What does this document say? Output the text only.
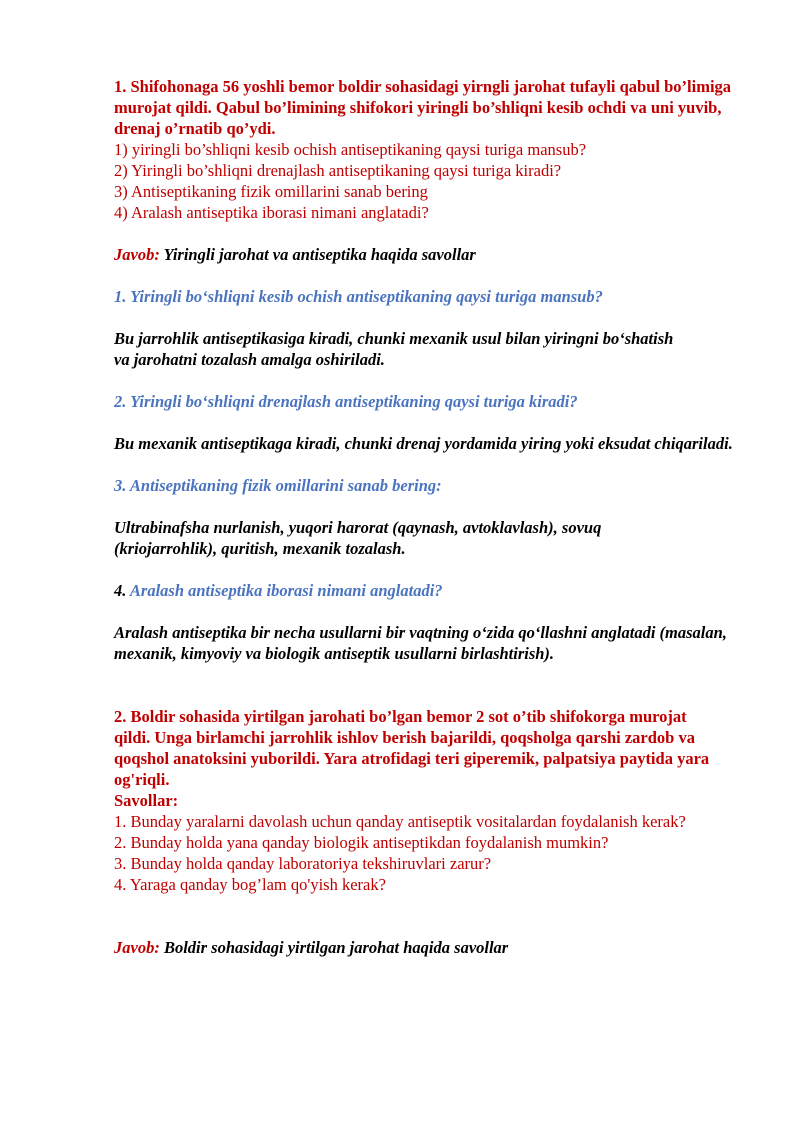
1. Shifohonaga 56 yoshli bemor boldir sohasidagi yirngli jarohat tufayli qabul bo’limiga murojat qildi. Qabul bo’limining shifokori yiringli bo’shliqni kesib ochdi va uni yuvib, drenaj o’rnatib qo’ydi.

1) yiringli bo’shliqni kesib ochish antiseptikaning qaysi turiga mansub?

2) Yiringli bo’shliqni drenajlash antiseptikaning qaysi turiga kiradi?

3) Antiseptikaning fizik omillarini sanab bering

4) Aralash antiseptika iborasi nimani anglatadi?

Javob: Yiringli jarohat va antiseptika haqida savollar

1. Yiringli bo‘shliqni kesib ochish antiseptikaning qaysi turiga mansub?

Bu jarrohlik antiseptikasiga kiradi, chunki mexanik usul bilan yiringni bo‘shatish va jarohatni tozalash amalga oshiriladi.

2. Yiringli bo‘shliqni drenajlash antiseptikaning qaysi turiga kiradi?

Bu mexanik antiseptikaga kiradi, chunki drenaj yordamida yiring yoki eksudat chiqariladi.

3. Antiseptikaning fizik omillarini sanab bering:

Ultrabinafsha nurlanish, yuqori harorat (qaynash, avtoklavlash), sovuq (kriojarrohlik), quritish, mexanik tozalash.

4. Aralash antiseptika iborasi nimani anglatadi?

Aralash antiseptika bir necha usullarni bir vaqtning o‘zida qo‘llashni anglatadi (masalan, mexanik, kimyoviy va biologik antiseptik usullarni birlashtirish).

2. Boldir sohasida yirtilgan jarohati bo’lgan bemor 2 sot o’tib shifokorga murojat qildi. Unga birlamchi jarrohlik ishlov berish bajarildi, qoqsholga qarshi zardob va qoqshol anatoksini yuborildi. Yara atrofidagi teri giperemik, palpatsiya paytida yara og'riqli.

Savollar:

1. Bunday yaralarni davolash uchun qanday antiseptik vositalardan foydalanish kerak?

2. Bunday holda yana qanday biologik antiseptikdan foydalanish mumkin?

3. Bunday holda qanday laboratoriya tekshiruvlari zarur?

4. Yaraga qanday bog’lam qo'yish kerak?

Javob: Boldir sohasidagi yirtilgan jarohat haqida savollar
